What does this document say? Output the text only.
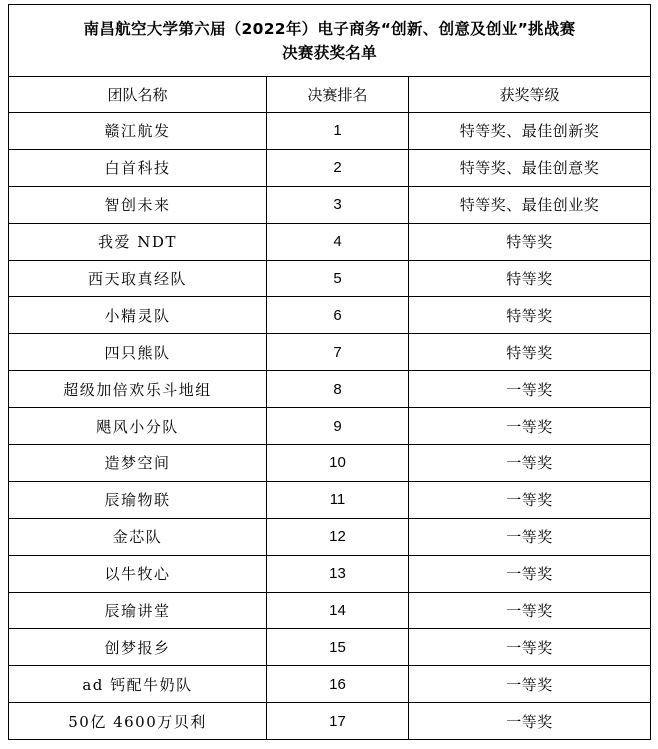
南昌航空大学第六届（2022年）电子商务“创新、创意及创业”挑战赛
决赛获奖名单		

团队名称	决赛排名	获奖等级
赣江航发	1	特等奖、最佳创新奖
白首科技	2	特等奖、最佳创意奖
智创未来	3	特等奖、最佳创业奖
我爱 NDT	4	特等奖
西天取真经队	5	特等奖
小精灵队	6	特等奖
四只熊队	7	特等奖
超级加倍欢乐斗地组	8	一等奖
飓风小分队	9	一等奖
造梦空间	10	一等奖
辰瑜物联	11	一等奖
金芯队	12	一等奖
以牛牧心	13	一等奖
辰瑜讲堂	14	一等奖
创梦报乡	15	一等奖
ad 钙配牛奶队	16	一等奖
50亿 4600万贝利	17	一等奖
